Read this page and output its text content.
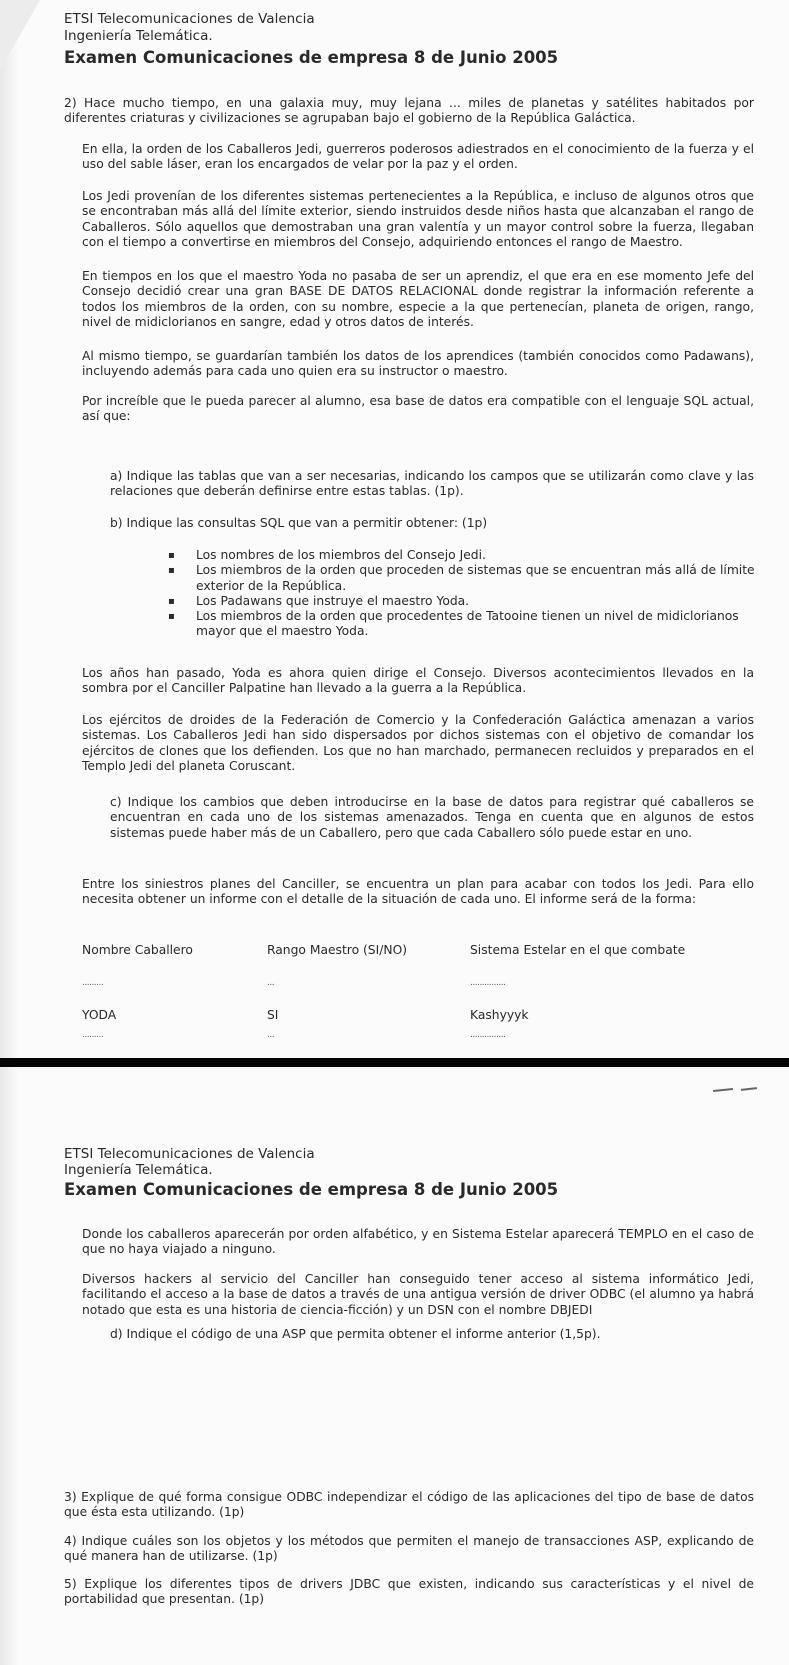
ETSI Telecomunicaciones de Valencia
Ingeniería Telemática.
Examen Comunicaciones de empresa 8 de Junio 2005

2) Hace mucho tiempo, en una galaxia muy, muy lejana ... miles de planetas y satélites habitados por diferentes criaturas y civilizaciones se agrupaban bajo el gobierno de la República Galáctica.

En ella, la orden de los Caballeros Jedi, guerreros poderosos adiestrados en el conocimiento de la fuerza y el uso del sable láser, eran los encargados de velar por la paz y el orden.

Los Jedi provenían de los diferentes sistemas pertenecientes a la República, e incluso de algunos otros que se encontraban más allá del límite exterior, siendo instruidos desde niños hasta que alcanzaban el rango de Caballeros. Sólo aquellos que demostraban una gran valentía y un mayor control sobre la fuerza, llegaban con el tiempo a convertirse en miembros del Consejo, adquiriendo entonces el rango de Maestro.

En tiempos en los que el maestro Yoda no pasaba de ser un aprendiz, el que era en ese momento Jefe del Consejo decidió crear una gran BASE DE DATOS RELACIONAL donde registrar la información referente a todos los miembros de la orden, con su nombre, especie a la que pertenecían, planeta de origen, rango, nivel de midiclorianos en sangre, edad y otros datos de interés.

Al mismo tiempo, se guardarían también los datos de los aprendices (también conocidos como Padawans), incluyendo además para cada uno quien era su instructor o maestro.

Por increíble que le pueda parecer al alumno, esa base de datos era compatible con el lenguaje SQL actual, así que:

a) Indique las tablas que van a ser necesarias, indicando los campos que se utilizarán como clave y las relaciones que deberán definirse entre estas tablas. (1p).

b) Indique las consultas SQL que van a permitir obtener: (1p)

▪ Los nombres de los miembros del Consejo Jedi.
▪ Los miembros de la orden que proceden de sistemas que se encuentran más allá de límite exterior de la República.
▪ Los Padawans que instruye el maestro Yoda.
▪ Los miembros de la orden que procedentes de Tatooine tienen un nivel de midiclorianos mayor que el maestro Yoda.

Los años han pasado, Yoda es ahora quien dirige el Consejo. Diversos acontecimientos llevados en la sombra por el Canciller Palpatine han llevado a la guerra a la República.

Los ejércitos de droides de la Federación de Comercio y la Confederación Galáctica amenazan a varios sistemas. Los Caballeros Jedi han sido dispersados por dichos sistemas con el objetivo de comandar los ejércitos de clones que los defienden. Los que no han marchado, permanecen recluidos y preparados en el Templo Jedi del planeta Coruscant.

c) Indique los cambios que deben introducirse en la base de datos para registrar qué caballeros se encuentran en cada uno de los sistemas amenazados. Tenga en cuenta que en algunos de estos sistemas puede haber más de un Caballero, pero que cada Caballero sólo puede estar en uno.

Entre los siniestros planes del Canciller, se encuentra un plan para acabar con todos los Jedi. Para ello necesita obtener un informe con el detalle de la situación de cada uno. El informe será de la forma:

Nombre Caballero	Rango Maestro (SI/NO)	Sistema Estelar en el que combate
.........	...	...............
YODA	SI	Kashyyyk
.........	...	...............
ETSI Telecomunicaciones de Valencia
Ingeniería Telemática.
Examen Comunicaciones de empresa 8 de Junio 2005

Donde los caballeros aparecerán por orden alfabético, y en Sistema Estelar aparecerá TEMPLO en el caso de que no haya viajado a ninguno.

Diversos hackers al servicio del Canciller han conseguido tener acceso al sistema informático Jedi, facilitando el acceso a la base de datos a través de una antigua versión de driver ODBC (el alumno ya habrá notado que esta es una historia de ciencia-ficción) y un DSN con el nombre DBJEDI

d) Indique el código de una ASP que permita obtener el informe anterior (1,5p).

3) Explique de qué forma consigue ODBC independizar el código de las aplicaciones del tipo de base de datos que ésta esta utilizando. (1p)

4) Indique cuáles son los objetos y los métodos que permiten el manejo de transacciones ASP, explicando de qué manera han de utilizarse. (1p)

5) Explique los diferentes tipos de drivers JDBC que existen, indicando sus características y el nivel de portabilidad que presentan. (1p)
